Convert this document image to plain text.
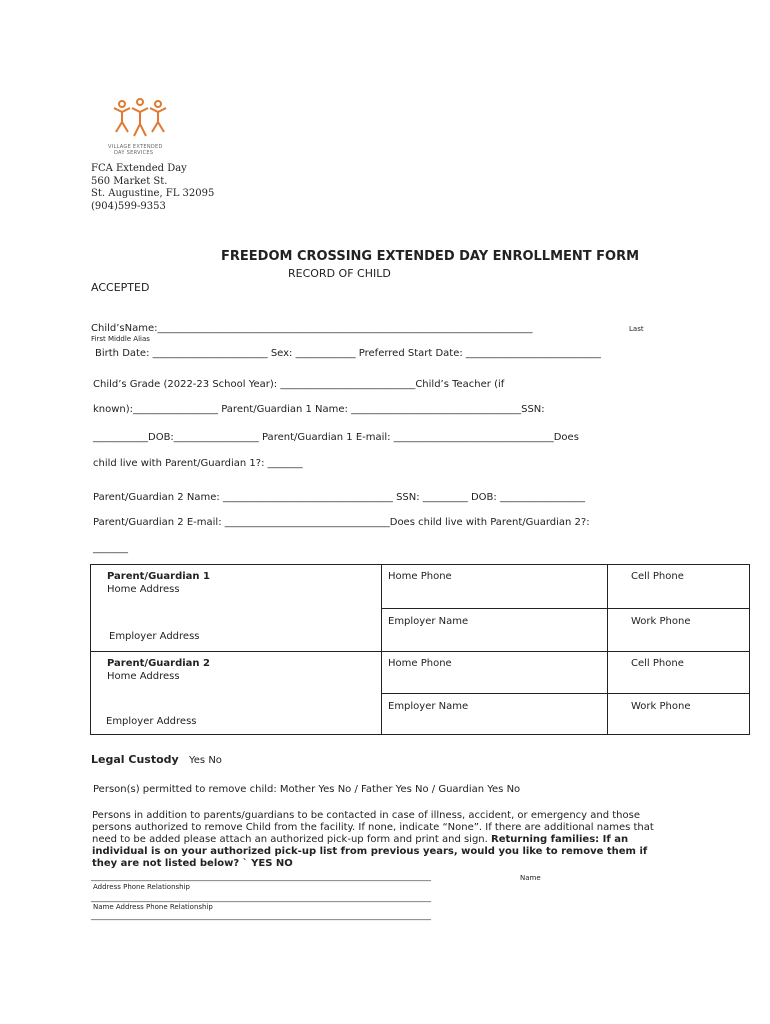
VILLAGE EXTENDED
DAY SERVICES
FCA Extended Day
560 Market St.
St. Augustine, FL 32095
(904)599-9353
FREEDOM CROSSING EXTENDED DAY ENROLLMENT FORM
RECORD OF CHILD
ACCEPTED
Child’sName:___________________________________________________________________________	Last
First Middle Alias
Birth Date: _______________________ Sex: ____________ Preferred Start Date: ___________________________
Child’s Grade (2022-23 School Year): ___________________________Child’s Teacher (if
known):_________________ Parent/Guardian 1 Name: __________________________________SSN:
___________DOB:_________________ Parent/Guardian 1 E-mail: ________________________________Does
child live with Parent/Guardian 1?: _______
Parent/Guardian 2 Name: __________________________________ SSN: _________ DOB: _________________
Parent/Guardian 2 E-mail: _________________________________Does child live with Parent/Guardian 2?:
_______
Parent/Guardian 1
Home Address
Employer Address	Home Phone	Cell Phone

	Employer Name	Work Phone

Parent/Guardian 2
Home Address
Employer Address	Home Phone	Cell Phone

	Employer Name	Work Phone
Legal Custody Yes No
Person(s) permitted to remove child: Mother Yes No / Father Yes No / Guardian Yes No
Persons in addition to parents/guardians to be contacted in case of illness, accident, or emergency and those persons authorized to remove Child from the facility. If none, indicate “None”. If there are additional names that need to be added please attach an authorized pick-up form and print and sign. Returning families: If an individual is on your authorized pick-up list from previous years, would you like to remove them if they are not listed below? ` YES NO
_____________________________________________________________________________________	Name
Address Phone Relationship
_____________________________________________________________________________________
Name Address Phone Relationship
_____________________________________________________________________________________
